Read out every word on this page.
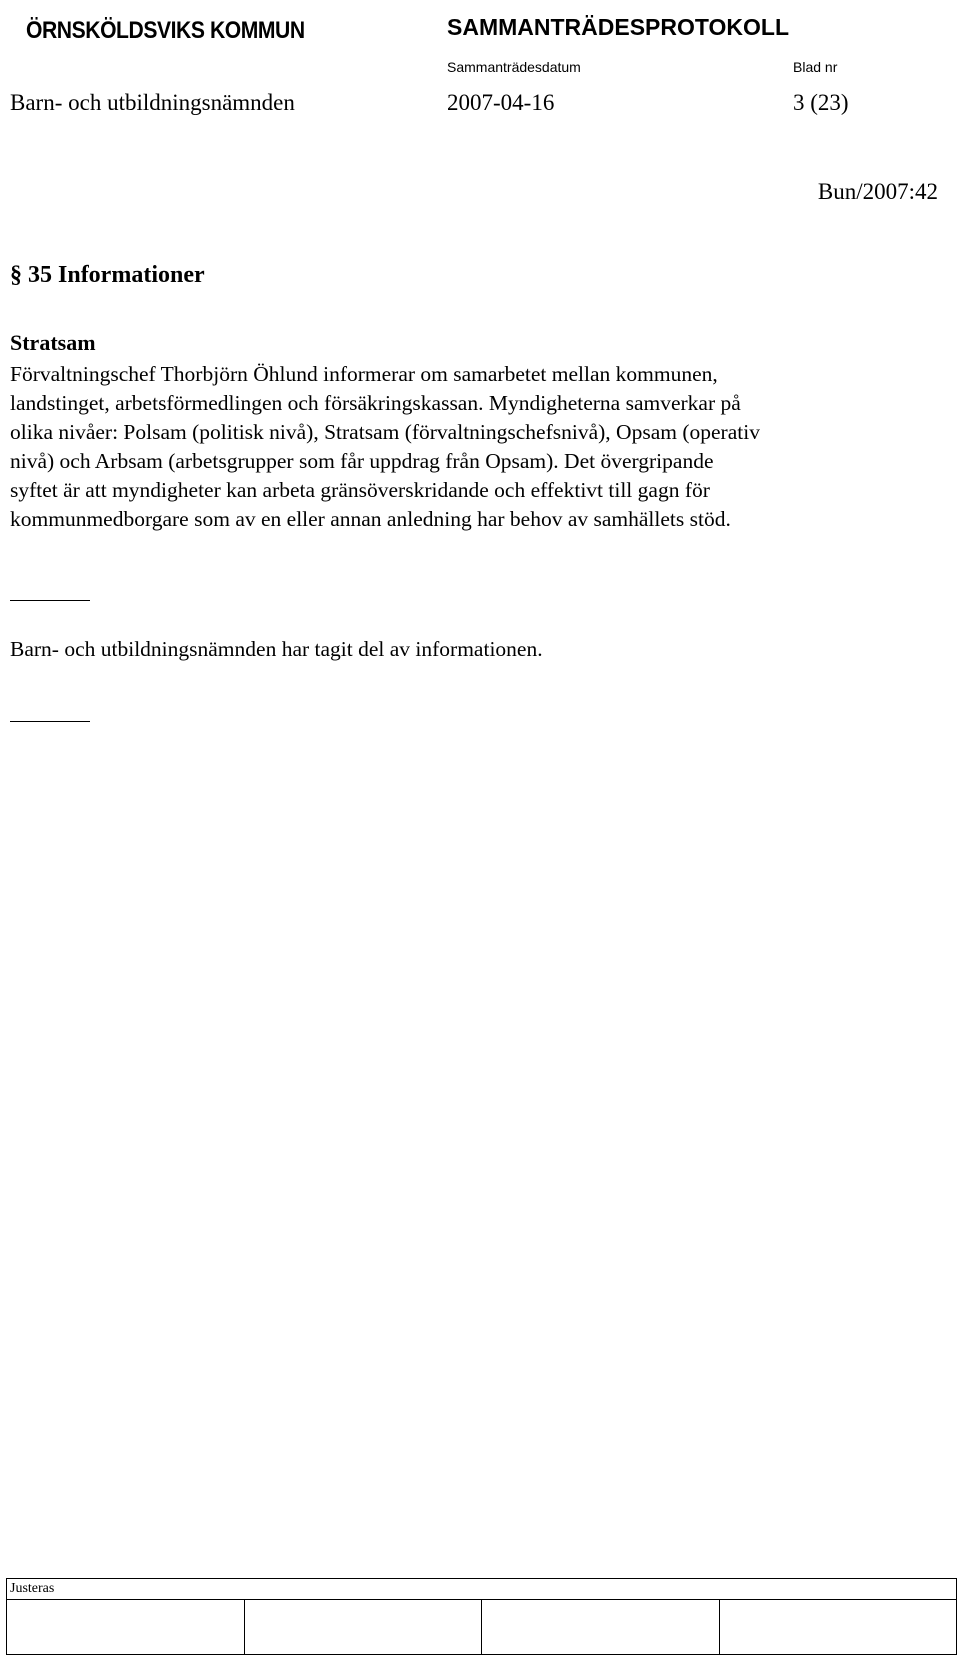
ÖRNSKÖLDSVIKS KOMMUN	SAMMANTRÄDESPROTOKOLL
Sammanträdesdatum	Blad nr
Barn- och utbildningsnämnden	2007-04-16	3 (23)
Bun/2007:42
§ 35 Informationer
Stratsam
Förvaltningschef Thorbjörn Öhlund informerar om samarbetet mellan kommunen,
landstinget, arbetsförmedlingen och försäkringskassan. Myndigheterna samverkar på
olika nivåer: Polsam (politisk nivå), Stratsam (förvaltningschefsnivå), Opsam (operativ
nivå) och Arbsam (arbetsgrupper som får uppdrag från Opsam). Det övergripande
syftet är att myndigheter kan arbeta gränsöverskridande och effektivt till gagn för
kommunmedborgare som av en eller annan anledning har behov av samhällets stöd.
Barn- och utbildningsnämnden har tagit del av informationen.
Justeras
